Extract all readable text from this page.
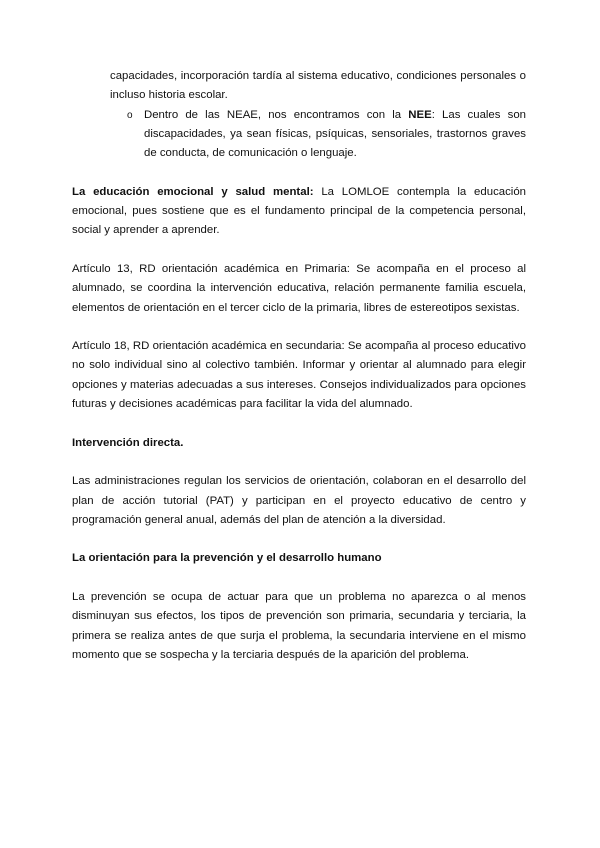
capacidades, incorporación tardía al sistema educativo, condiciones personales o incluso historia escolar.

o	Dentro de las NEAE, nos encontramos con la NEE: Las cuales son discapacidades, ya sean físicas, psíquicas, sensoriales, trastornos graves de conducta, de comunicación o lenguaje.

La educación emocional y salud mental: La LOMLOE contempla la educación emocional, pues sostiene que es el fundamento principal de la competencia personal, social y aprender a aprender.

Artículo 13, RD orientación académica en Primaria: Se acompaña en el proceso al alumnado, se coordina la intervención educativa, relación permanente familia escuela, elementos de orientación en el tercer ciclo de la primaria, libres de estereotipos sexistas.

Artículo 18, RD orientación académica en secundaria: Se acompaña al proceso educativo no solo individual sino al colectivo también. Informar y orientar al alumnado para elegir opciones y materias adecuadas a sus intereses. Consejos individualizados para opciones futuras y decisiones académicas para facilitar la vida del alumnado.

Intervención directa.

Las administraciones regulan los servicios de orientación, colaboran en el desarrollo del plan de acción tutorial (PAT) y participan en el proyecto educativo de centro y programación general anual, además del plan de atención a la diversidad.

La orientación para la prevención y el desarrollo humano

La prevención se ocupa de actuar para que un problema no aparezca o al menos disminuyan sus efectos, los tipos de prevención son primaria, secundaria y terciaria, la primera se realiza antes de que surja el problema, la secundaria interviene en el mismo momento que se sospecha y la terciaria después de la aparición del problema.
